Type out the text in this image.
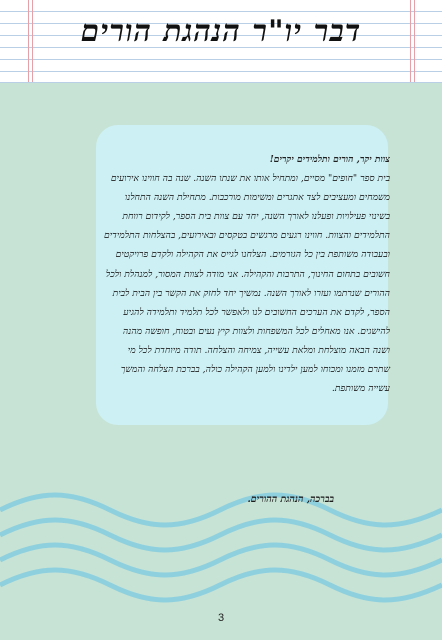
דבר יו"ר הנהגת הורים

צוות יקר, הורים ותלמידים יקרים!

בית ספר "חופים" מסיים, ומתחיל אותו את שנתו השנה. שנה בה חווינו אירועים משמחים ומעציבים לצד אתגרים ומשימות מורכבות. מתחילת השנה התחלנו בשינוי פעילויות ופעלנו לאורך השנה, יחד עם צוות בית הספר, לקידום רווחת התלמידים והצוות. חווינו רגעים מרגשים בטקסים ובאירועים, בהצלחות התלמידים ובעבודה משותפת בין כל הגורמים. הצלחנו לגייס את הקהילה ולקדם פרויקטים חשובים בתחום החינוך, התרבות והקהילה. אני מודה לצוות המסור, למנהלת ולכל ההורים שנרתמו ועזרו לאורך השנה. נמשיך יחד לחזק את הקשר בין הבית לבית הספר, לקדם את הערכים החשובים לנו ולאפשר לכל תלמיד ותלמידה להגיע להישגים. אנו מאחלים לכל המשפחות ולצוות קיץ נעים ובטוח, חופשה מהנה ושנה הבאה מוצלחת ומלאת עשייה, צמיחה והצלחה. תודה מיוחדת לכל מי שתרם מזמנו ומכוחו למען ילדינו ולמען הקהילה כולה, בברכת הצלחה והמשך עשייה משותפת.

בברכה, הנהגת ההורים.
3
